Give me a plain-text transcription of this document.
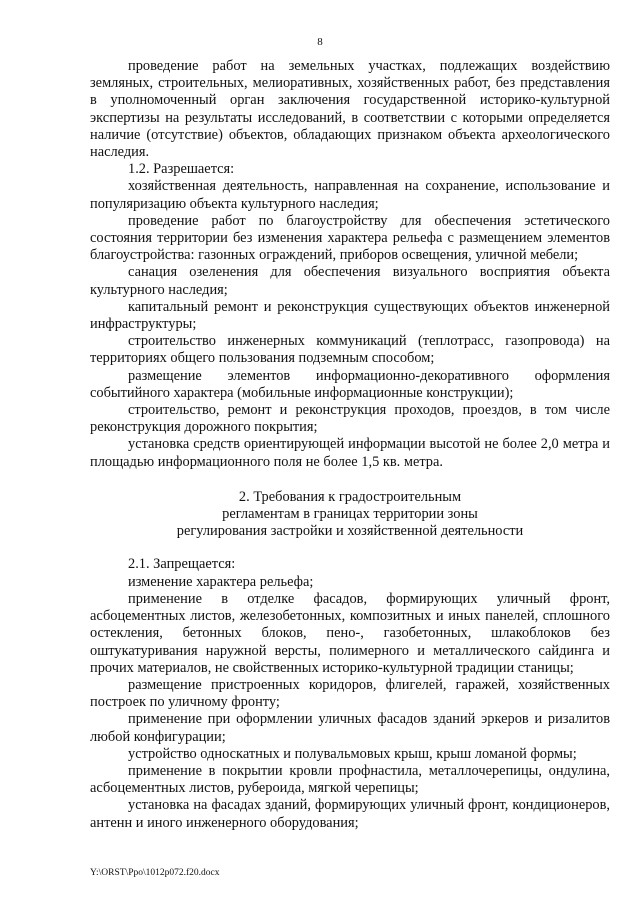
8

проведение работ на земельных участках, подлежащих воздействию земляных, строительных, мелиоративных, хозяйственных работ, без представления в уполномоченный орган заключения государственной историко-культурной экспертизы на результаты исследований, в соответствии с которыми определяется наличие (отсутствие) объектов, обладающих признаком объекта археологического наследия.

1.2. Разрешается:

хозяйственная деятельность, направленная на сохранение, использование и популяризацию объекта культурного наследия;

проведение работ по благоустройству для обеспечения эстетического состояния территории без изменения характера рельефа с размещением элементов благоустройства: газонных ограждений, приборов освещения, уличной мебели;

санация озеленения для обеспечения визуального восприятия объекта культурного наследия;

капитальный ремонт и реконструкция существующих объектов инженерной инфраструктуры;

строительство инженерных коммуникаций (теплотрасс, газопровода) на территориях общего пользования подземным способом;

размещение элементов информационно-декоративного оформления событийного характера (мобильные информационные конструкции);

строительство, ремонт и реконструкция проходов, проездов, в том числе реконструкция дорожного покрытия;

установка средств ориентирующей информации высотой не более 2,0 метра и площадью информационного поля не более 1,5 кв. метра.

2. Требования к градостроительным
регламентам в границах территории зоны
регулирования застройки и хозяйственной деятельности

2.1. Запрещается:

изменение характера рельефа;

применение в отделке фасадов, формирующих уличный фронт, асбоцементных листов, железобетонных, композитных и иных панелей, сплошного остекления, бетонных блоков, пено-, газобетонных, шлакоблоков без оштукатуривания наружной версты, полимерного и металлического сайдинга и прочих материалов, не свойственных историко-культурной традиции станицы;

размещение пристроенных коридоров, флигелей, гаражей, хозяйственных построек по уличному фронту;

применение при оформлении уличных фасадов зданий эркеров и ризалитов любой конфигурации;

устройство односкатных и полувальмовых крыш, крыш ломаной формы;

применение в покрытии кровли профнастила, металлочерепицы, ондулина, асбоцементных листов, рубероида, мягкой черепицы;

установка на фасадах зданий, формирующих уличный фронт, кондиционеров, антенн и иного инженерного оборудования;

Y:\ORST\Ppo\1012p072.f20.docx
